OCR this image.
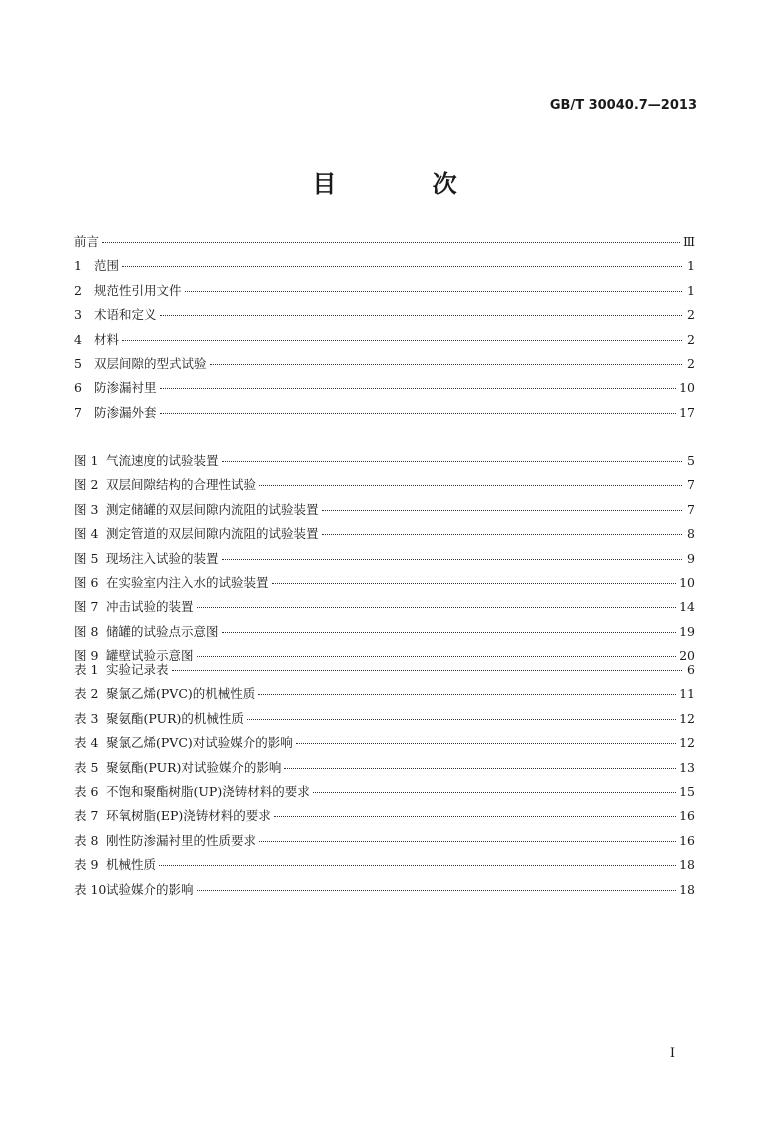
GB/T 30040.7—2013
目 次
前言	Ⅲ
1 范围	1
2 规范性引用文件	1
3 术语和定义	2
4 材料	2
5 双层间隙的型式试验	2
6 防渗漏衬里	10
7 防渗漏外套	17
图 1 气流速度的试验装置	5
图 2 双层间隙结构的合理性试验	7
图 3 测定储罐的双层间隙内流阻的试验装置	7
图 4 测定管道的双层间隙内流阻的试验装置	8
图 5 现场注入试验的装置	9
图 6 在实验室内注入水的试验装置	10
图 7 冲击试验的装置	14
图 8 储罐的试验点示意图	19
图 9 罐壁试验示意图	20
表 1 实验记录表	6
表 2 聚氯乙烯(PVC)的机械性质	11
表 3 聚氨酯(PUR)的机械性质	12
表 4 聚氯乙烯(PVC)对试验媒介的影响	12
表 5 聚氨酯(PUR)对试验媒介的影响	13
表 6 不饱和聚酯树脂(UP)浇铸材料的要求	15
表 7 环氧树脂(EP)浇铸材料的要求	16
表 8 刚性防渗漏衬里的性质要求	16
表 9 机械性质	18
表 10 试验媒介的影响	18
I
